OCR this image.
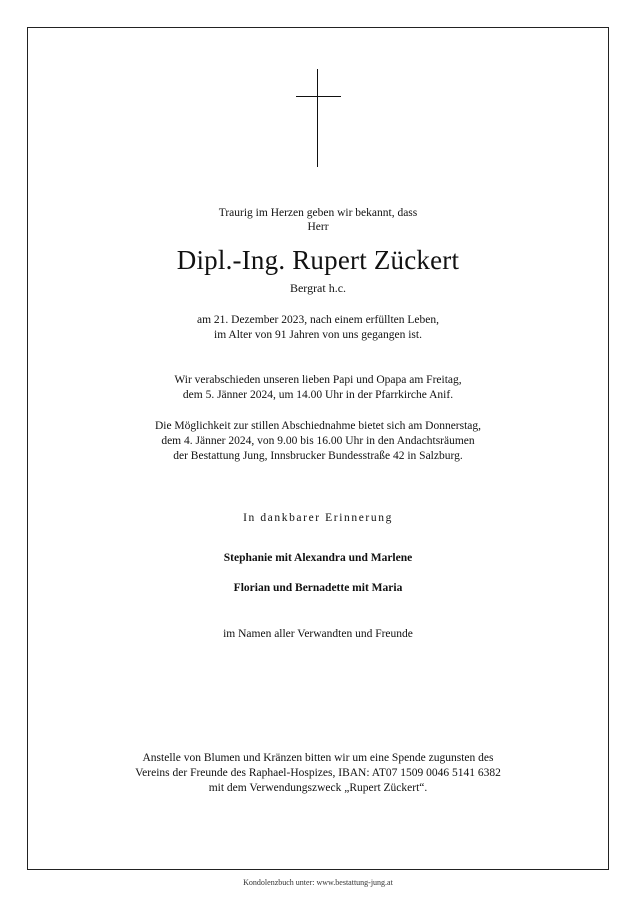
Traurig im Herzen geben wir bekannt, dass
Herr
Dipl.-Ing. Rupert Zückert
Bergrat h.c.
am 21. Dezember 2023, nach einem erfüllten Leben,
im Alter von 91 Jahren von uns gegangen ist.
Wir verabschieden unseren lieben Papi und Opapa am Freitag,
dem 5. Jänner 2024, um 14.00 Uhr in der Pfarrkirche Anif.
Die Möglichkeit zur stillen Abschiednahme bietet sich am Donnerstag,
dem 4. Jänner 2024, von 9.00 bis 16.00 Uhr in den Andachtsräumen
der Bestattung Jung, Innsbrucker Bundesstraße 42 in Salzburg.
In dankbarer Erinnerung
Stephanie mit Alexandra und Marlene
Florian und Bernadette mit Maria
im Namen aller Verwandten und Freunde
Anstelle von Blumen und Kränzen bitten wir um eine Spende zugunsten des
Vereins der Freunde des Raphael-Hospizes, IBAN: AT07 1509 0046 5141 6382
mit dem Verwendungszweck „Rupert Zückert“.
Kondolenzbuch unter: www.bestattung-jung.at
